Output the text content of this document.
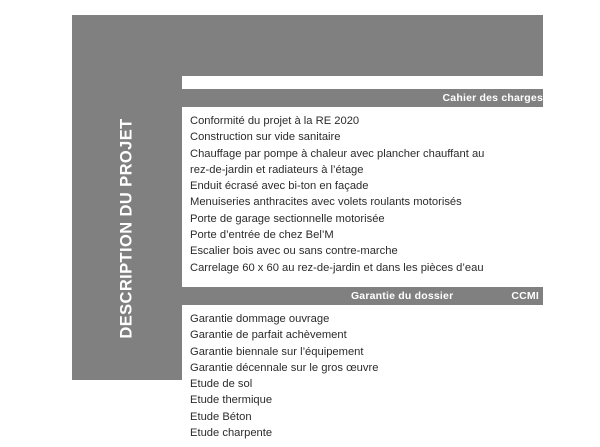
DESCRIPTION DU PROJET
Cahier des charges
Conformité du projet à la RE 2020
Construction sur vide sanitaire
Chauffage par pompe à chaleur avec plancher chauffant au
rez-de-jardin et radiateurs à l’étage
Enduit écrasé avec bi-ton en façade
Menuiseries anthracites avec volets roulants motorisés
Porte de garage sectionnelle motorisée
Porte d’entrée de chez Bel’M
Escalier bois avec ou sans contre-marche
Carrelage 60 x 60 au rez-de-jardin et dans les pièces d’eau
Garantie du dossier	CCMI
Garantie dommage ouvrage
Garantie de parfait achèvement
Garantie biennale sur l’équipement
Garantie décennale sur le gros œuvre
Etude de sol
Etude thermique
Etude Béton
Etude charpente
